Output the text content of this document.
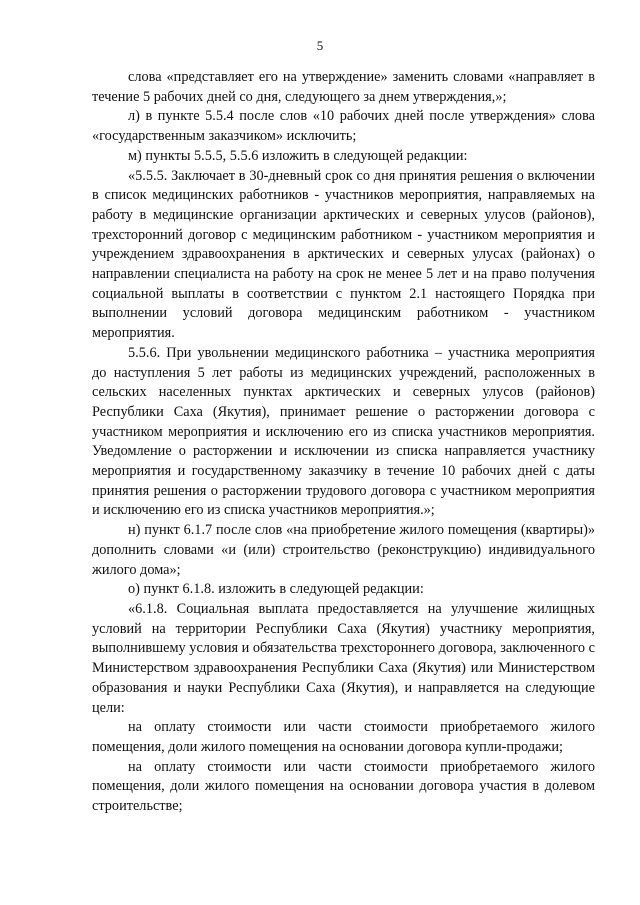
5

слова «представляет его на утверждение» заменить словами «направляет в течение 5 рабочих дней со дня, следующего за днем утверждения,»;

л) в пункте 5.5.4 после слов «10 рабочих дней после утверждения» слова «государственным заказчиком» исключить;

м) пункты 5.5.5, 5.5.6 изложить в следующей редакции:

«5.5.5. Заключает в 30-дневный срок со дня принятия решения о включении в список медицинских работников - участников мероприятия, направляемых на работу в медицинские организации арктических и северных улусов (районов), трехсторонний договор с медицинским работником - участником мероприятия и учреждением здравоохранения в арктических и северных улусах (районах) о направлении специалиста на работу на срок не менее 5 лет и на право получения социальной выплаты в соответствии с пунктом 2.1 настоящего Порядка при выполнении условий договора медицинским работником - участником мероприятия.

5.5.6. При увольнении медицинского работника – участника мероприятия до наступления 5 лет работы из медицинских учреждений, расположенных в сельских населенных пунктах арктических и северных улусов (районов) Республики Саха (Якутия), принимает решение о расторжении договора с участником мероприятия и исключению его из списка участников мероприятия. Уведомление о расторжении и исключении из списка направляется участнику мероприятия и государственному заказчику в течение 10 рабочих дней с даты принятия решения о расторжении трудового договора с участником мероприятия и исключению его из списка участников мероприятия.»;

н) пункт 6.1.7 после слов «на приобретение жилого помещения (квартиры)» дополнить словами «и (или) строительство (реконструкцию) индивидуального жилого дома»;

о) пункт 6.1.8. изложить в следующей редакции:

«6.1.8. Социальная выплата предоставляется на улучшение жилищных условий на территории Республики Саха (Якутия) участнику мероприятия, выполнившему условия и обязательства трехстороннего договора, заключенного с Министерством здравоохранения Республики Саха (Якутия) или Министерством образования и науки Республики Саха (Якутия), и направляется на следующие цели:

на оплату стоимости или части стоимости приобретаемого жилого помещения, доли жилого помещения на основании договора купли-продажи;

на оплату стоимости или части стоимости приобретаемого жилого помещения, доли жилого помещения на основании договора участия в долевом строительстве;
